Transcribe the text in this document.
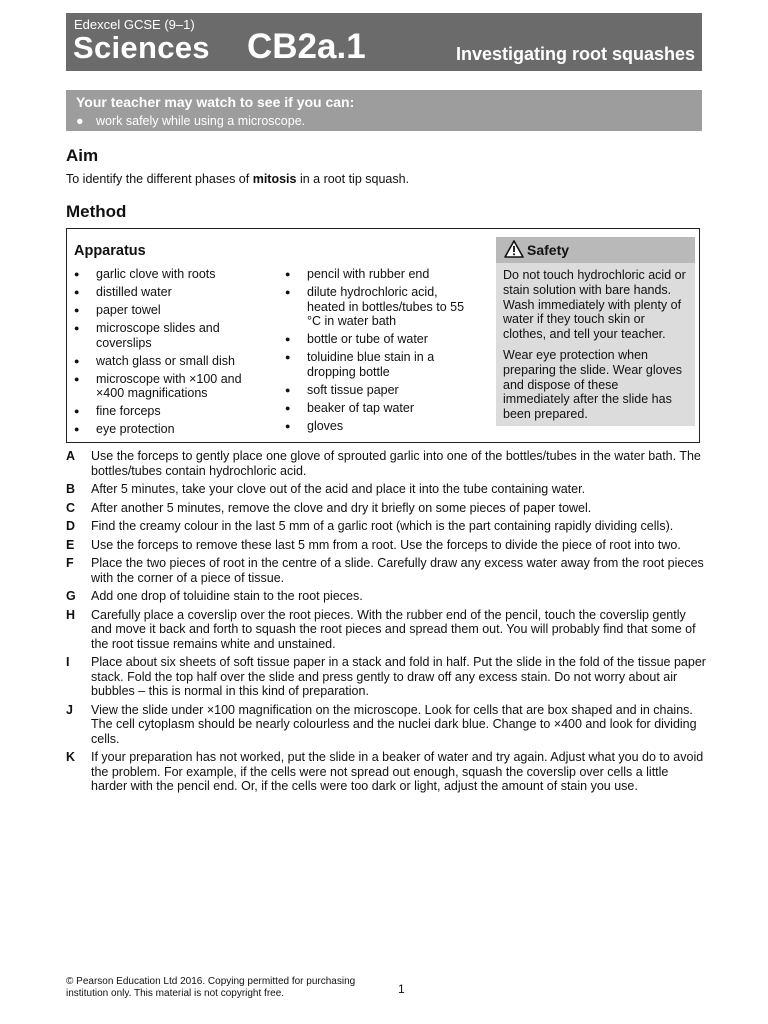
Edexcel GCSE (9–1)
Sciences CB2a.1	Investigating root squashes
Your teacher may watch to see if you can:
● work safely while using a microscope.
Aim

To identify the different phases of mitosis in a root tip squash.

Method
Apparatus
● garlic clove with roots
● distilled water
● paper towel
● microscope slides and coverslips
● watch glass or small dish
● microscope with ×100 and ×400 magnifications
● fine forceps
● eye protection
● pencil with rubber end
● dilute hydrochloric acid, heated in bottles/tubes to 55 °C in water bath
● bottle or tube of water
● toluidine blue stain in a dropping bottle
● soft tissue paper
● beaker of tap water
● gloves
Safety

Do not touch hydrochloric acid or stain solution with bare hands. Wash immediately with plenty of water if they touch skin or clothes, and tell your teacher.

Wear eye protection when preparing the slide. Wear gloves and dispose of these immediately after the slide has been prepared.

A	Use the forceps to gently place one glove of sprouted garlic into one of the bottles/tubes in the water bath. The bottles/tubes contain hydrochloric acid.
B	After 5 minutes, take your clove out of the acid and place it into the tube containing water.
C	After another 5 minutes, remove the clove and dry it briefly on some pieces of paper towel.
D	Find the creamy colour in the last 5 mm of a garlic root (which is the part containing rapidly dividing cells).
E	Use the forceps to remove these last 5 mm from a root. Use the forceps to divide the piece of root into two.
F	Place the two pieces of root in the centre of a slide. Carefully draw any excess water away from the root pieces with the corner of a piece of tissue.
G	Add one drop of toluidine stain to the root pieces.
H	Carefully place a coverslip over the root pieces. With the rubber end of the pencil, touch the coverslip gently and move it back and forth to squash the root pieces and spread them out. You will probably find that some of the root tissue remains white and unstained.
I	Place about six sheets of soft tissue paper in a stack and fold in half. Put the slide in the fold of the tissue paper stack. Fold the top half over the slide and press gently to draw off any excess stain. Do not worry about air bubbles – this is normal in this kind of preparation.
J	View the slide under ×100 magnification on the microscope. Look for cells that are box shaped and in chains. The cell cytoplasm should be nearly colourless and the nuclei dark blue. Change to ×400 and look for dividing cells.
K	If your preparation has not worked, put the slide in a beaker of water and try again. Adjust what you do to avoid the problem. For example, if the cells were not spread out enough, squash the coverslip over cells a little harder with the pencil end. Or, if the cells were too dark or light, adjust the amount of stain you use.
© Pearson Education Ltd 2016. Copying permitted for purchasing institution only. This material is not copyright free.	1
